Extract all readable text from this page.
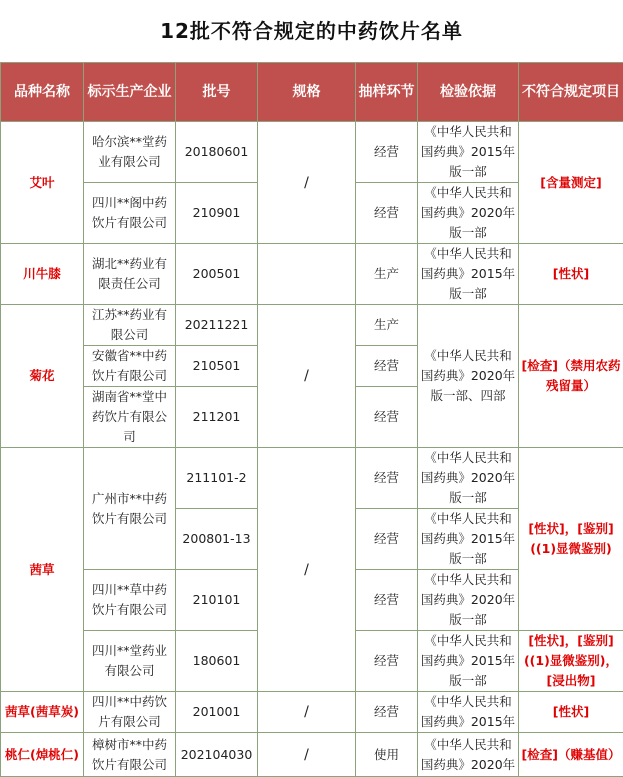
12批不符合规定的中药饮片名单
品种名称	标示生产企业	批号	规格	抽样环节	检验依据	不符合规定项目
艾叶	哈尔滨**堂药业有限公司	20180601	/	经营	《中华人民共和国药典》2015年版一部	[含量测定]
	四川**阁中药饮片有限公司	210901		经营	《中华人民共和国药典》2020年版一部	
川牛膝	湖北**药业有限责任公司	200501		生产	《中华人民共和国药典》2015年版一部	[性状]
菊花	江苏**药业有限公司	20211221	/	生产	《中华人民共和国药典》2020年版一部、四部	[检查]（禁用农药残留量）
	安徽省**中药饮片有限公司	210501		经营		
	湖南省**堂中药饮片有限公司	211201		经营		
茜草	广州市**中药饮片有限公司	211101-2	/	经营	《中华人民共和国药典》2020年版一部	[性状]，[鉴别]((1)显微鉴别)
		200801-13		经营	《中华人民共和国药典》2015年版一部	
	四川**草中药饮片有限公司	210101		经营	《中华人民共和国药典》2020年版一部	
	四川**堂药业有限公司	180601		经营	《中华人民共和国药典》2015年版一部	[性状]，[鉴别]((1)显微鉴别)，[浸出物]
茜草(茜草炭)	四川**中药饮片有限公司	201001	/	经营	《中华人民共和国药典》2015年	[性状]
桃仁(焯桃仁)	樟树市**中药饮片有限公司	202104030	/	使用	《中华人民共和国药典》2020年	[检查]（赚基值）
